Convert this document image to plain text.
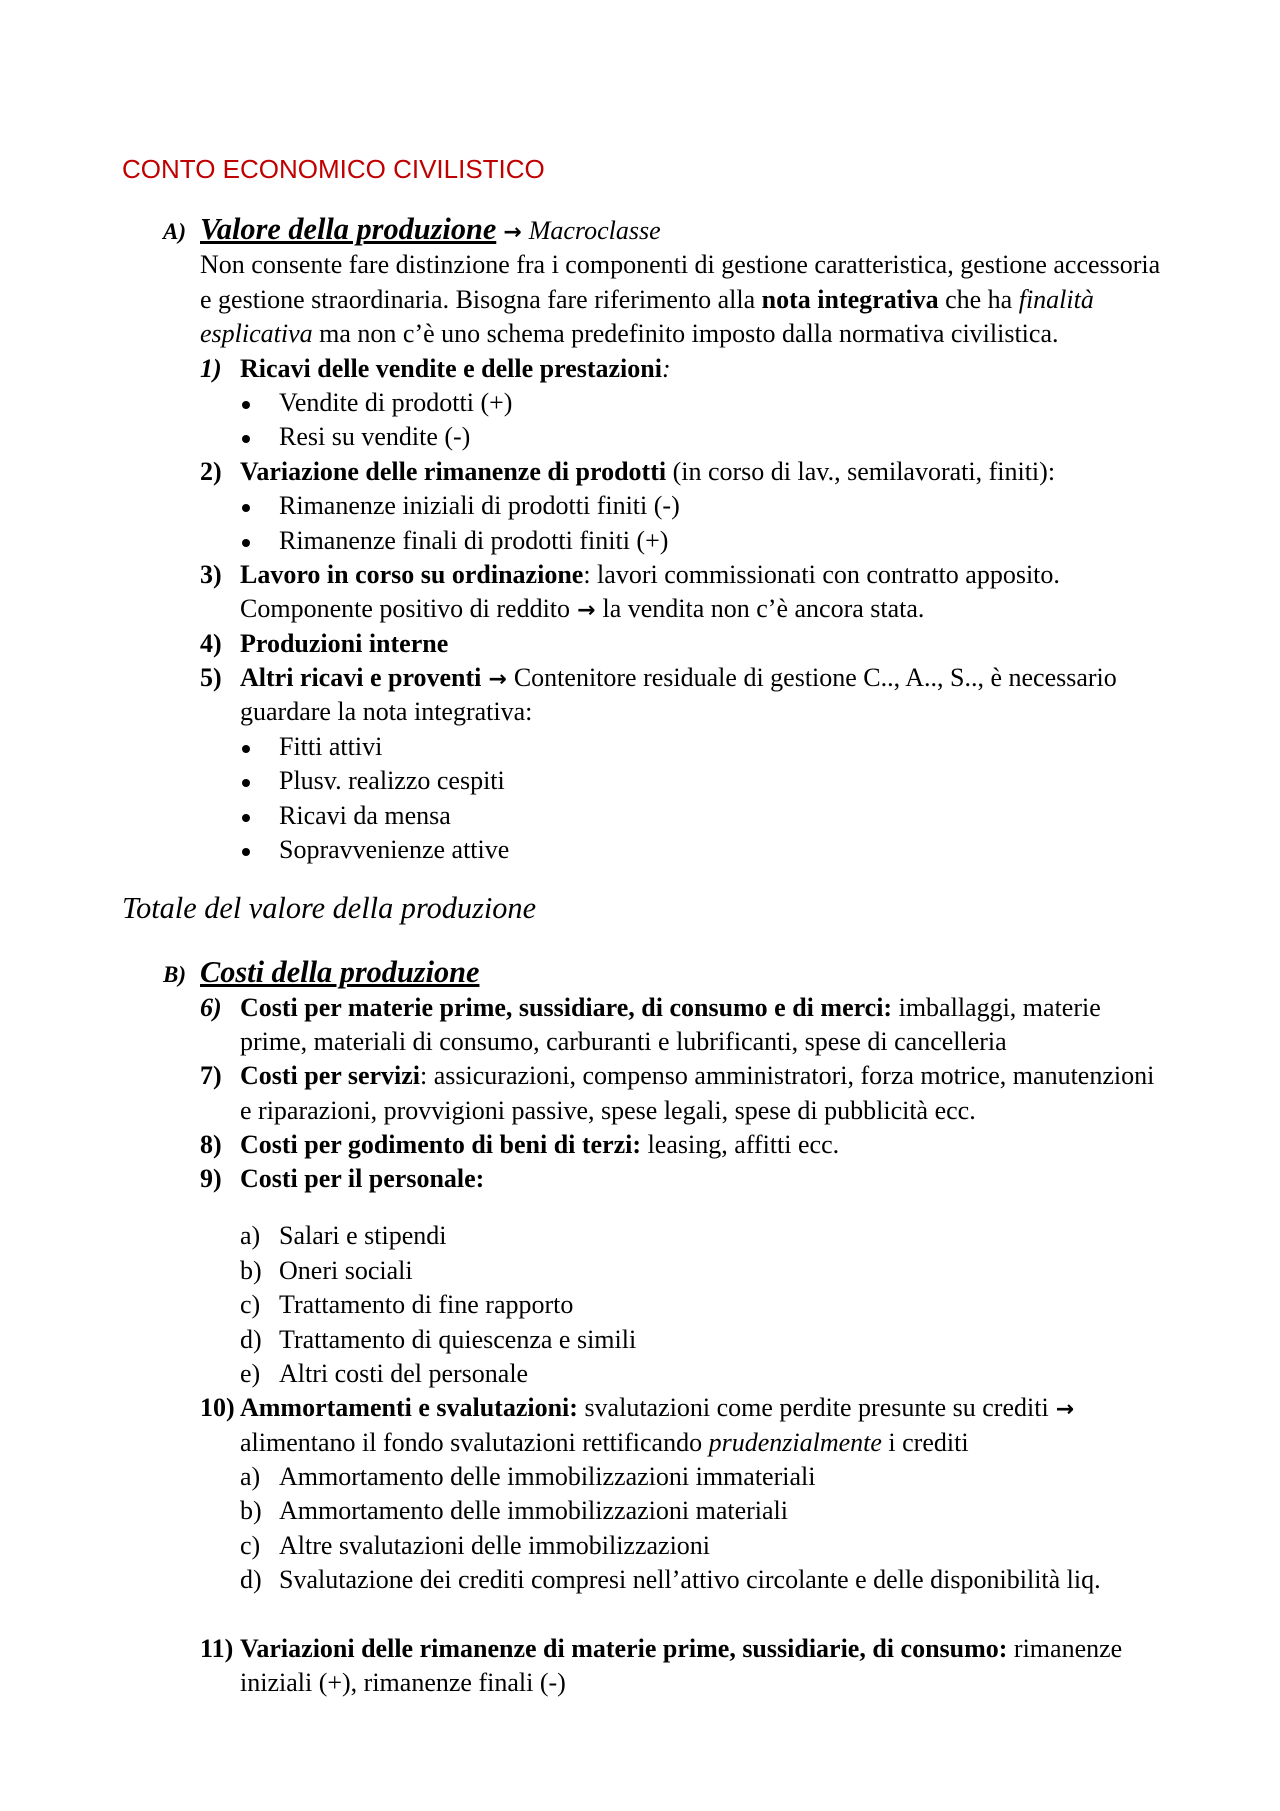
CONTO ECONOMICO CIVILISTICO
A) Valore della produzione → Macroclasse
Non consente fare distinzione fra i componenti di gestione caratteristica, gestione accessoria
e gestione straordinaria. Bisogna fare riferimento alla nota integrativa che ha finalità
esplicativa ma non c’è uno schema predefinito imposto dalla normativa civilistica.
1) Ricavi delle vendite e delle prestazioni:
Vendite di prodotti (+)
Resi su vendite (-)
2) Variazione delle rimanenze di prodotti (in corso di lav., semilavorati, finiti):
Rimanenze iniziali di prodotti finiti (-)
Rimanenze finali di prodotti finiti (+)
3) Lavoro in corso su ordinazione: lavori commissionati con contratto apposito.
Componente positivo di reddito → la vendita non c’è ancora stata.
4) Produzioni interne
5) Altri ricavi e proventi → Contenitore residuale di gestione C.., A.., S.., è necessario
guardare la nota integrativa:
Fitti attivi
Plusv. realizzo cespiti
Ricavi da mensa
Sopravvenienze attive
Totale del valore della produzione
B) Costi della produzione
6) Costi per materie prime, sussidiare, di consumo e di merci: imballaggi, materie
prime, materiali di consumo, carburanti e lubrificanti, spese di cancelleria
7) Costi per servizi: assicurazioni, compenso amministratori, forza motrice, manutenzioni
e riparazioni, provvigioni passive, spese legali, spese di pubblicità ecc.
8) Costi per godimento di beni di terzi: leasing, affitti ecc.
9) Costi per il personale:
a) Salari e stipendi
b) Oneri sociali
c) Trattamento di fine rapporto
d) Trattamento di quiescenza e simili
e) Altri costi del personale
10) Ammortamenti e svalutazioni: svalutazioni come perdite presunte su crediti →
alimentano il fondo svalutazioni rettificando prudenzialmente i crediti
a) Ammortamento delle immobilizzazioni immateriali
b) Ammortamento delle immobilizzazioni materiali
c) Altre svalutazioni delle immobilizzazioni
d) Svalutazione dei crediti compresi nell’attivo circolante e delle disponibilità liq.
11) Variazioni delle rimanenze di materie prime, sussidiarie, di consumo: rimanenze
iniziali (+), rimanenze finali (-)
